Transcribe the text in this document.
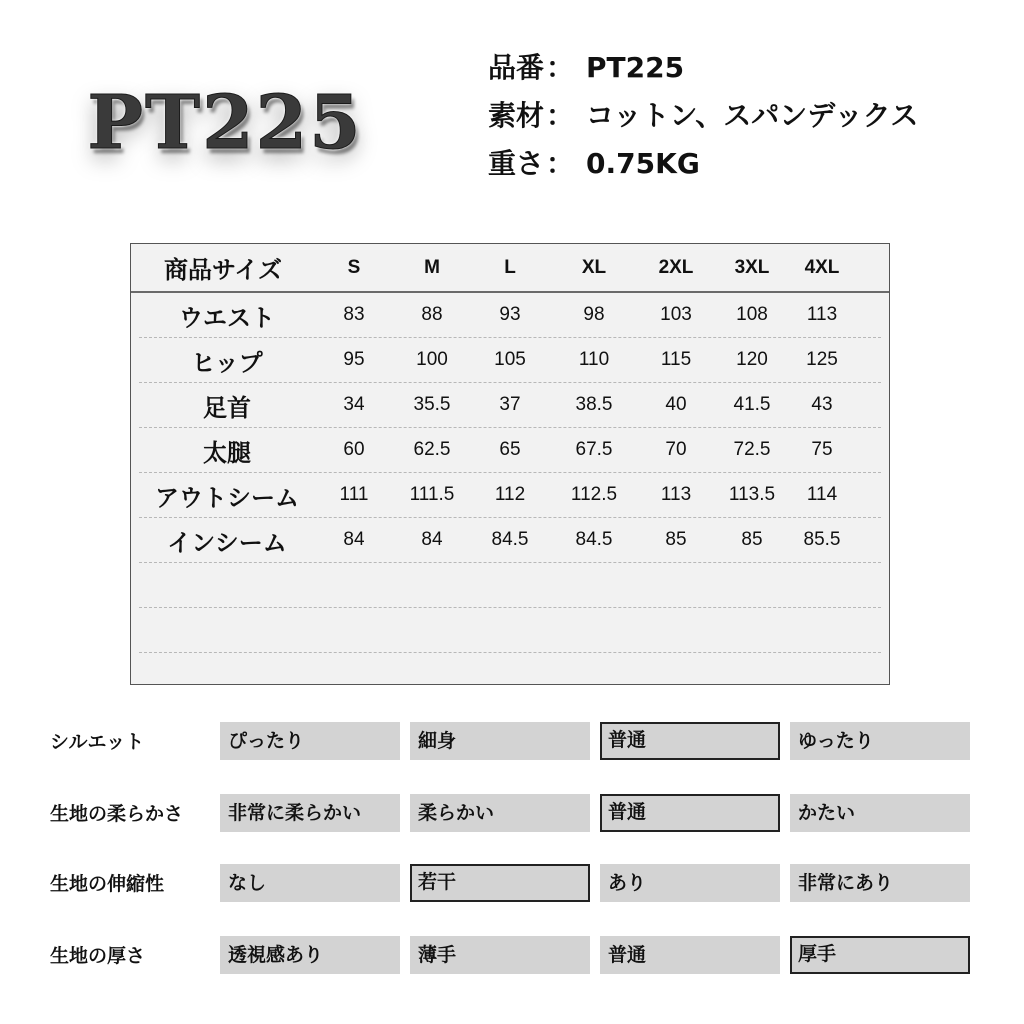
PT225
品番 ： PT225
素材 ： コットン、スパンデックス
重さ ： 0.75KG
商品サイズ	S	M	L	XL	2XL	3XL	4XL
ウエスト	83	88	93	98	103	108	113
ヒップ	95	100	105	110	115	120	125
足首	34	35.5	37	38.5	40	41.5	43
太腿	60	62.5	65	67.5	70	72.5	75
アウトシーム	111	111.5	112	112.5	113	113.5	114
インシーム	84	84	84.5	84.5	85	85	85.5
シルエット	ぴったり	細身	普通	ゆったり
生地の柔らかさ	非常に柔らかい	柔らかい	普通	かたい
生地の伸縮性	なし	若干	あり	非常にあり
生地の厚さ	透視感あり	薄手	普通	厚手
